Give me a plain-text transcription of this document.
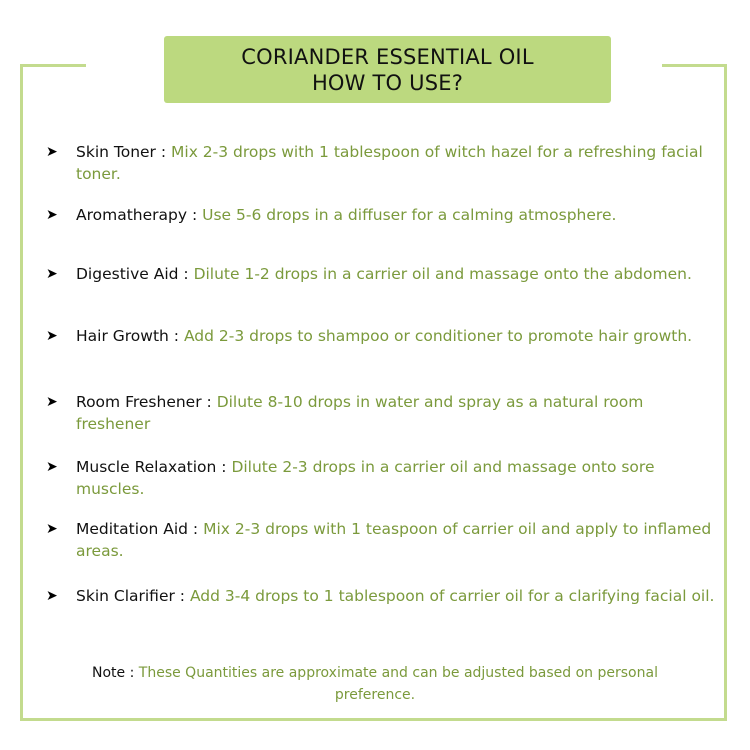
CORIANDER ESSENTIAL OIL
HOW TO USE?
➤	Skin Toner : Mix 2-3 drops with 1 tablespoon of witch hazel for a refreshing facial toner.
➤	Aromatherapy : Use 5-6 drops in a diffuser for a calming atmosphere.
➤	Digestive Aid : Dilute 1-2 drops in a carrier oil and massage onto the abdomen.
➤	Hair Growth : Add 2-3 drops to shampoo or conditioner to promote hair growth.
➤	Room Freshener : Dilute 8-10 drops in water and spray as a natural room freshener
➤	Muscle Relaxation : Dilute 2-3 drops in a carrier oil and massage onto sore muscles.
➤	Meditation Aid : Mix 2-3 drops with 1 teaspoon of carrier oil and apply to inflamed areas.
➤	Skin Clarifier : Add 3-4 drops to 1 tablespoon of carrier oil for a clarifying facial oil.
Note : These Quantities are approximate and can be adjusted based on personal preference.
